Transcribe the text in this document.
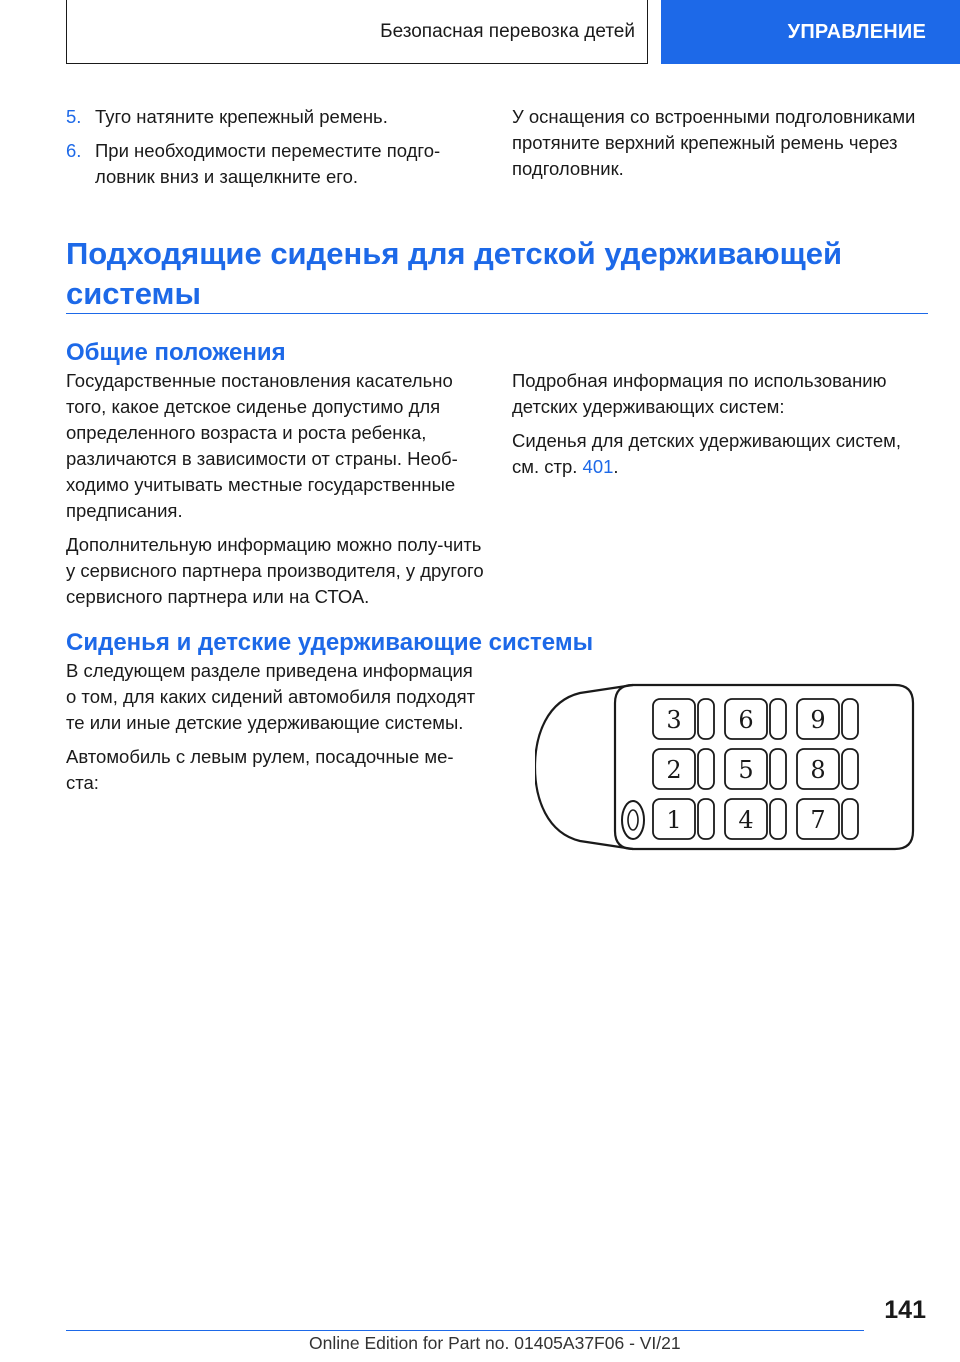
Безопасная перевозка детей	УПРАВЛЕНИЕ

5. Туго натяните крепежный ремень.

6. При необходимости переместите подго-ловник вниз и защелкните его.

У оснащения со встроенными подголовниками протяните верхний крепежный ремень через подголовник.

Подходящие сиденья для детской удерживающей системы
Общие положения

Государственные постановления касательно того, какое детское сиденье допустимо для определенного возраста и роста ребенка, различаются в зависимости от страны. Необ-ходимо учитывать местные государственные предписания.

Дополнительную информацию можно полу-чить у сервисного партнера производителя, у другого сервисного партнера или на СТОА.

Подробная информация по использованию детских удерживающих систем:

Сиденья для детских удерживающих систем, см. стр. 401.

Сиденья и детские удерживающие системы

В следующем разделе приведена информация о том, для каких сидений автомобиля подходят те или иные детские удерживающие системы.

Автомобиль с левым рулем, посадочные ме-ста:

1
2
3
4
5
6
7
8
9
141
Online Edition for Part no. 01405A37F06 - VI/21
